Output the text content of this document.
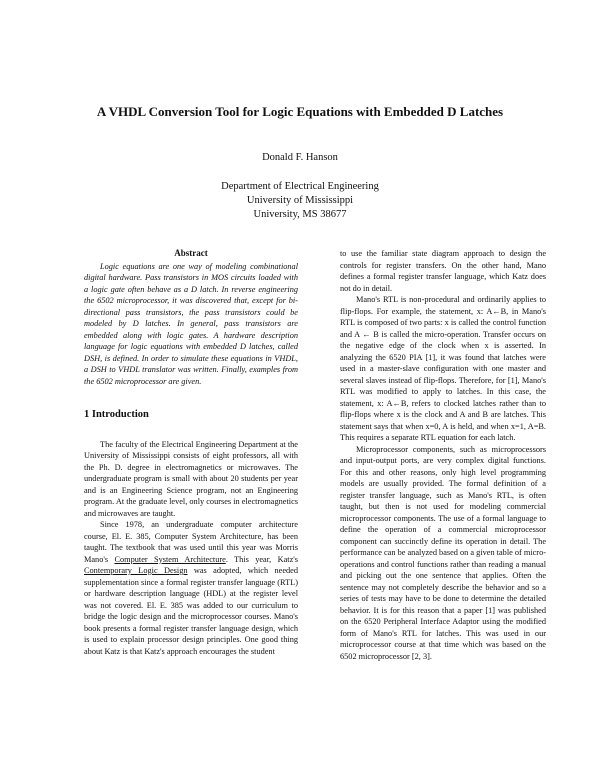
A VHDL Conversion Tool for Logic Equations with Embedded D Latches
Donald F. Hanson
Department of Electrical Engineering
University of Mississippi
University, MS 38677
Abstract

Logic equations are one way of modeling combinational digital hardware. Pass transistors in MOS circuits loaded with a logic gate often behave as a D latch. In reverse engineering the 6502 microprocessor, it was discovered that, except for bi-directional pass transistors, the pass transistors could be modeled by D latches. In general, pass transistors are embedded along with logic gates. A hardware description language for logic equations with embedded D latches, called DSH, is defined. In order to simulate these equations in VHDL, a DSH to VHDL translator was written. Finally, examples from the 6502 microprocessor are given.

1 Introduction

The faculty of the Electrical Engineering Department at the University of Mississippi consists of eight professors, all with the Ph. D. degree in electromagnetics or microwaves. The undergraduate program is small with about 20 students per year and is an Engineering Science program, not an Engineering program. At the graduate level, only courses in electromagnetics and microwaves are taught.

Since 1978, an undergraduate computer architecture course, El. E. 385, Computer System Architecture, has been taught. The textbook that was used until this year was Morris Mano's Computer System Architecture. This year, Katz's Contemporary Logic Design was adopted, which needed supplementation since a formal register transfer language (RTL) or hardware description language (HDL) at the register level was not covered. El. E. 385 was added to our curriculum to bridge the logic design and the microprocessor courses. Mano's book presents a formal register transfer language design, which is used to explain processor design principles. One good thing about Katz is that Katz's approach encourages the student

to use the familiar state diagram approach to design the controls for register transfers. On the other hand, Mano defines a formal register transfer language, which Katz does not do in detail.

Mano's RTL is non-procedural and ordinarily applies to flip-flops. For example, the statement, x: A←B, in Mano's RTL is composed of two parts: x is called the control function and A ← B is called the micro-operation. Transfer occurs on the negative edge of the clock when x is asserted. In analyzing the 6520 PIA [1], it was found that latches were used in a master-slave configuration with one master and several slaves instead of flip-flops. Therefore, for [1], Mano's RTL was modified to apply to latches. In this case, the statement, x: A←B, refers to clocked latches rather than to flip-flops where x is the clock and A and B are latches. This statement says that when x=0, A is held, and when x=1, A=B. This requires a separate RTL equation for each latch.

Microprocessor components, such as microprocessors and input-output ports, are very complex digital functions. For this and other reasons, only high level programming models are usually provided. The formal definition of a register transfer language, such as Mano's RTL, is often taught, but then is not used for modeling commercial microprocessor components. The use of a formal language to define the operation of a commercial microprocessor component can succinctly define its operation in detail. The performance can be analyzed based on a given table of micro-operations and control functions rather than reading a manual and picking out the one sentence that applies. Often the sentence may not completely describe the behavior and so a series of tests may have to be done to determine the detailed behavior. It is for this reason that a paper [1] was published on the 6520 Peripheral Interface Adaptor using the modified form of Mano's RTL for latches. This was used in our microprocessor course at that time which was based on the 6502 microprocessor [2, 3].
